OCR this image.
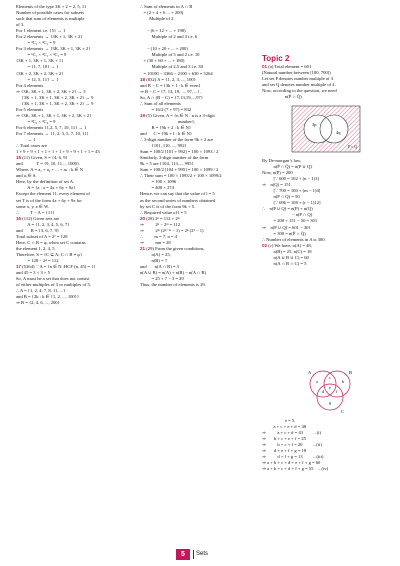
Elements of the type 3K + 2 = 2, 5, 11
Number of possible cases for subsets
such that sum of elements is multiple
of 3.
For 1 element i.e. {5} → 1
For 2 elements → {3K + 1, 3K + 2}
= ³C₁ × ³C₁ = 9
For 3 elements → {3K, 3K + 1, 3K + 2}
= ¹C₁ × ³C₁ × ³C₁ = 9
{3K + 1, 3K + 1, 3K + 1}
= {1, 7, 10} → 1
{3K + 2, 3K + 2, 3K + 2}
= {2, 5, 11} → 1
For 4 elements
⇒ {3K, 3K + 1, 3K + 2, 3K + 2} → 3
{3K + 1, 3K + 1, 3K + 2, 3K + 2} → 9
{3K + 1, 3K + 1, 3K + 2, 3K + 2} → 9
For 5 elements
⇒ {3K, 3K + 1, 3K + 1, 3K + 2, 3K + 2}
= ³C₂ × ³C₂ = 9
For 6 elements {1,2, 5, 7, 10, 11} → 1
For 7 elements → {1, 2, 3, 5, 7, 10, 11}
→ 1
∴ Total cases are
1 + 9 + 9 + 1 + 1 + 1 + 1 + 9 + 9 + 1 + 1 = 43
15 (11) Given, S = {4, 6, 9}
and            T = {9, 10, 11..., 1000}.
Where, A = a₁ + a₂ + ... + aₖ : k ∈ N
and aᵢ ∈ S.
Here, by the definition of set A.
A = {a : a = 4x + 6y + 9z}
Except the element 11, every element of
set T is of the form 4x + 6y + 9z for
some x, y, z ∈ W.
∴          T − A = {11}
16 (112) Given sets are
A = {1, 2, 3, 4, 5, 6, 7}
and       B = {3, 6, 7, 9}
Total subset of A = 2⁷ = 128
Here, C ∩ B = φ, when set C contains
the element 1, 2, 4, 5.
Therefore, S = {C ⊆ A; C ∩ B ≠ φ}
= 128 − 2⁴ = 112
17 (5264) ∵ A = {n ∈ N :HCF (n, 45) = 1}
and 45 = 3 × 3 × 5
So, A must be a set that does not consist
of either multiples of 3 or multiples of 5.
∴ A = {1, 2, 4, 7, 8, 11, ...}
and B = {2k : k ∈ {1, 2, ..., 100}}
⇒ B = {2, 4, 6, ..., 200}
∴ Sum of elements in A ∩ B
= (2 + 4 + 6 ... + 200)
Multiple of 2
− (6 + 12 + ... + 198)
Multiple of 2 and 3 i.e. 6
− (10 + 20 + ... + 200)
Multiple of 5 and 2 i.e. 10
+ (30 + 60 + ... + 180)
Multiple of 2,5 and 3 i.e. 30
= 10100 − 3366 − 2100 + 630 = 5264
18 (832) A = {1, 2, 3, ..., 100}
and B − C = {3k + 1 : k ∈ even}
⇒ B − C = {7, 13, 19, ..., 97, ...}.
So, A ∩ (B − C) = {7,13,19,...,97}
∴ Sum of all elements
= 16/2 (7 + 97) = 832
19 (5) Given, A = {n ∈ N : n is a 3-digit
number},
B = {9k + 2 : k ∈ N}
and      C = {9k + l : k ∈ N}
∴ 3-digit number of the form 9k + 2 are
{101, 110, ..., 992}
Sum = 100/2 [101 + 992] = 100 × 1093 / 2
Similarly, 3-digit number of the form
9k + 5 are {104, 113,..., 995}
Sum = 100/2 [104 + 995] = 100 × 1099 / 2
∴ Their sum = 100 × 1093/2 + 100 × 1099/2
= 100 × 1096
= 400 × 274
Hence, we can say that the value of l = 5
as the second series of numbers obtained
by set C is of the form 9k + 5.
∴ Required value of l = 5
20 (28) 2ⁿ = 112 + 2ᵐ
⇒          2ⁿ − 2ᵐ = 112
⇒          2ᵐ (2ⁿ⁻ᵐ − 1) = 2⁴ (2³ − 1)
∴          m = 7, n = 4
⇒          mn = 28
21 (29) From the given conditions,
n(A) = 25,
n(B) = 7
and       n(A ∩ B) = 3
n(A ∪ B) = n(A) + n(B) − n(A ∩ B)
= 25 + 7 − 3 = 29
Thus, the number of elements is 29.
Topic 2
01 (a) Total element = 601
(Natural number between [100, 700])
Let set P denotes number multiple of 3
and set Q denotes number multiple of 4.
Now, according to the question, we need
n(P̄ ∩ Q̄)
3p
4q
P ∩ Q
By De-morgan’s law,
n(P̄ ∩ Q̄) = n(P ∪ Q)̄
Now, n(P) = 200
[∵ 600 = 102 + (n − 1)3]
⇒    n(Q) = 151
[∵ 700 = 100 + (m − 1)4]
n(P ∩ Q) = 50
[∵ 696 = 108 + (r − 1)12]
∴    n(P ∪ Q) = n(P) + n(Q)
− n(P ∩ Q)
= 200 + 151 − 50 = 301
⇒    n(P ∪ Q)̄ = 601 − 301
= 300 = n(P̄ ∩ Q̄)
∴ Number of elements in A is 300.
02 (c) We have, n(A) = 48,
n(B) = 25, n(C) = 18
n(A ∪ B ∪ C) = 60
n(A ∩ B ∩ C) = 5
A	B
C
a	b
c
d
e
f
g
e = 5,
a + c + e + d = 48
⇒          a + c + d = 43         ...(i)
⇒       b + c + e + f = 25
⇒          b + c + f = 20         ...(ii)
⇒       d + e + f + g = 18
⇒          d + f + g = 13         ...(iii)
⇒ a + b + c + d + e + f + g = 60
⇒ a + b + c + d + f + g = 55    ...(iv)
5	Sets
